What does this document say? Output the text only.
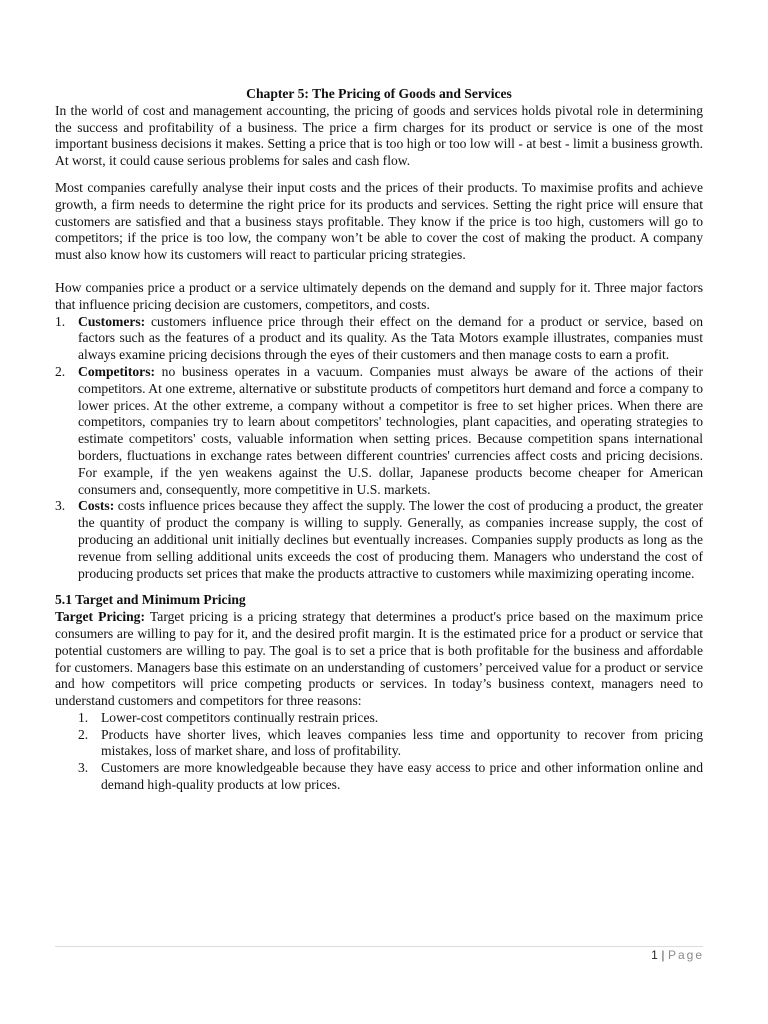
Chapter 5: The Pricing of Goods and Services

In the world of cost and management accounting, the pricing of goods and services holds pivotal role in determining the success and profitability of a business. The price a firm charges for its product or service is one of the most important business decisions it makes. Setting a price that is too high or too low will - at best - limit a business growth. At worst, it could cause serious problems for sales and cash flow.

Most companies carefully analyse their input costs and the prices of their products. To maximise profits and achieve growth, a firm needs to determine the right price for its products and services. Setting the right price will ensure that customers are satisfied and that a business stays profitable. They know if the price is too high, customers will go to competitors; if the price is too low, the company won’t be able to cover the cost of making the product. A company must also know how its customers will react to particular pricing strategies.

How companies price a product or a service ultimately depends on the demand and supply for it. Three major factors that influence pricing decision are customers, competitors, and costs.

1. Customers: customers influence price through their effect on the demand for a product or service, based on factors such as the features of a product and its quality. As the Tata Motors example illustrates, companies must always examine pricing decisions through the eyes of their customers and then manage costs to earn a profit.
2. Competitors: no business operates in a vacuum. Companies must always be aware of the actions of their competitors. At one extreme, alternative or substitute products of competitors hurt demand and force a company to lower prices. At the other extreme, a company without a competitor is free to set higher prices. When there are competitors, companies try to learn about competitors' technologies, plant capacities, and operating strategies to estimate competitors' costs, valuable information when setting prices. Because competition spans international borders, fluctuations in exchange rates between different countries' currencies affect costs and pricing decisions. For example, if the yen weakens against the U.S. dollar, Japanese products become cheaper for American consumers and, consequently, more competitive in U.S. markets.
3. Costs: costs influence prices because they affect the supply. The lower the cost of producing a product, the greater the quantity of product the company is willing to supply. Generally, as companies increase supply, the cost of producing an additional unit initially declines but eventually increases. Companies supply products as long as the revenue from selling additional units exceeds the cost of producing them. Managers who understand the cost of producing products set prices that make the products attractive to customers while maximizing operating income.

5.1 Target and Minimum Pricing

Target Pricing: Target pricing is a pricing strategy that determines a product's price based on the maximum price consumers are willing to pay for it, and the desired profit margin. It is the estimated price for a product or service that potential customers are willing to pay. The goal is to set a price that is both profitable for the business and affordable for customers. Managers base this estimate on an understanding of customers’ perceived value for a product or service and how competitors will price competing products or services. In today’s business context, managers need to understand customers and competitors for three reasons:

1. Lower-cost competitors continually restrain prices.
2. Products have shorter lives, which leaves companies less time and opportunity to recover from pricing mistakes, loss of market share, and loss of profitability.
3. Customers are more knowledgeable because they have easy access to price and other information online and demand high-quality products at low prices.
1 | Page
